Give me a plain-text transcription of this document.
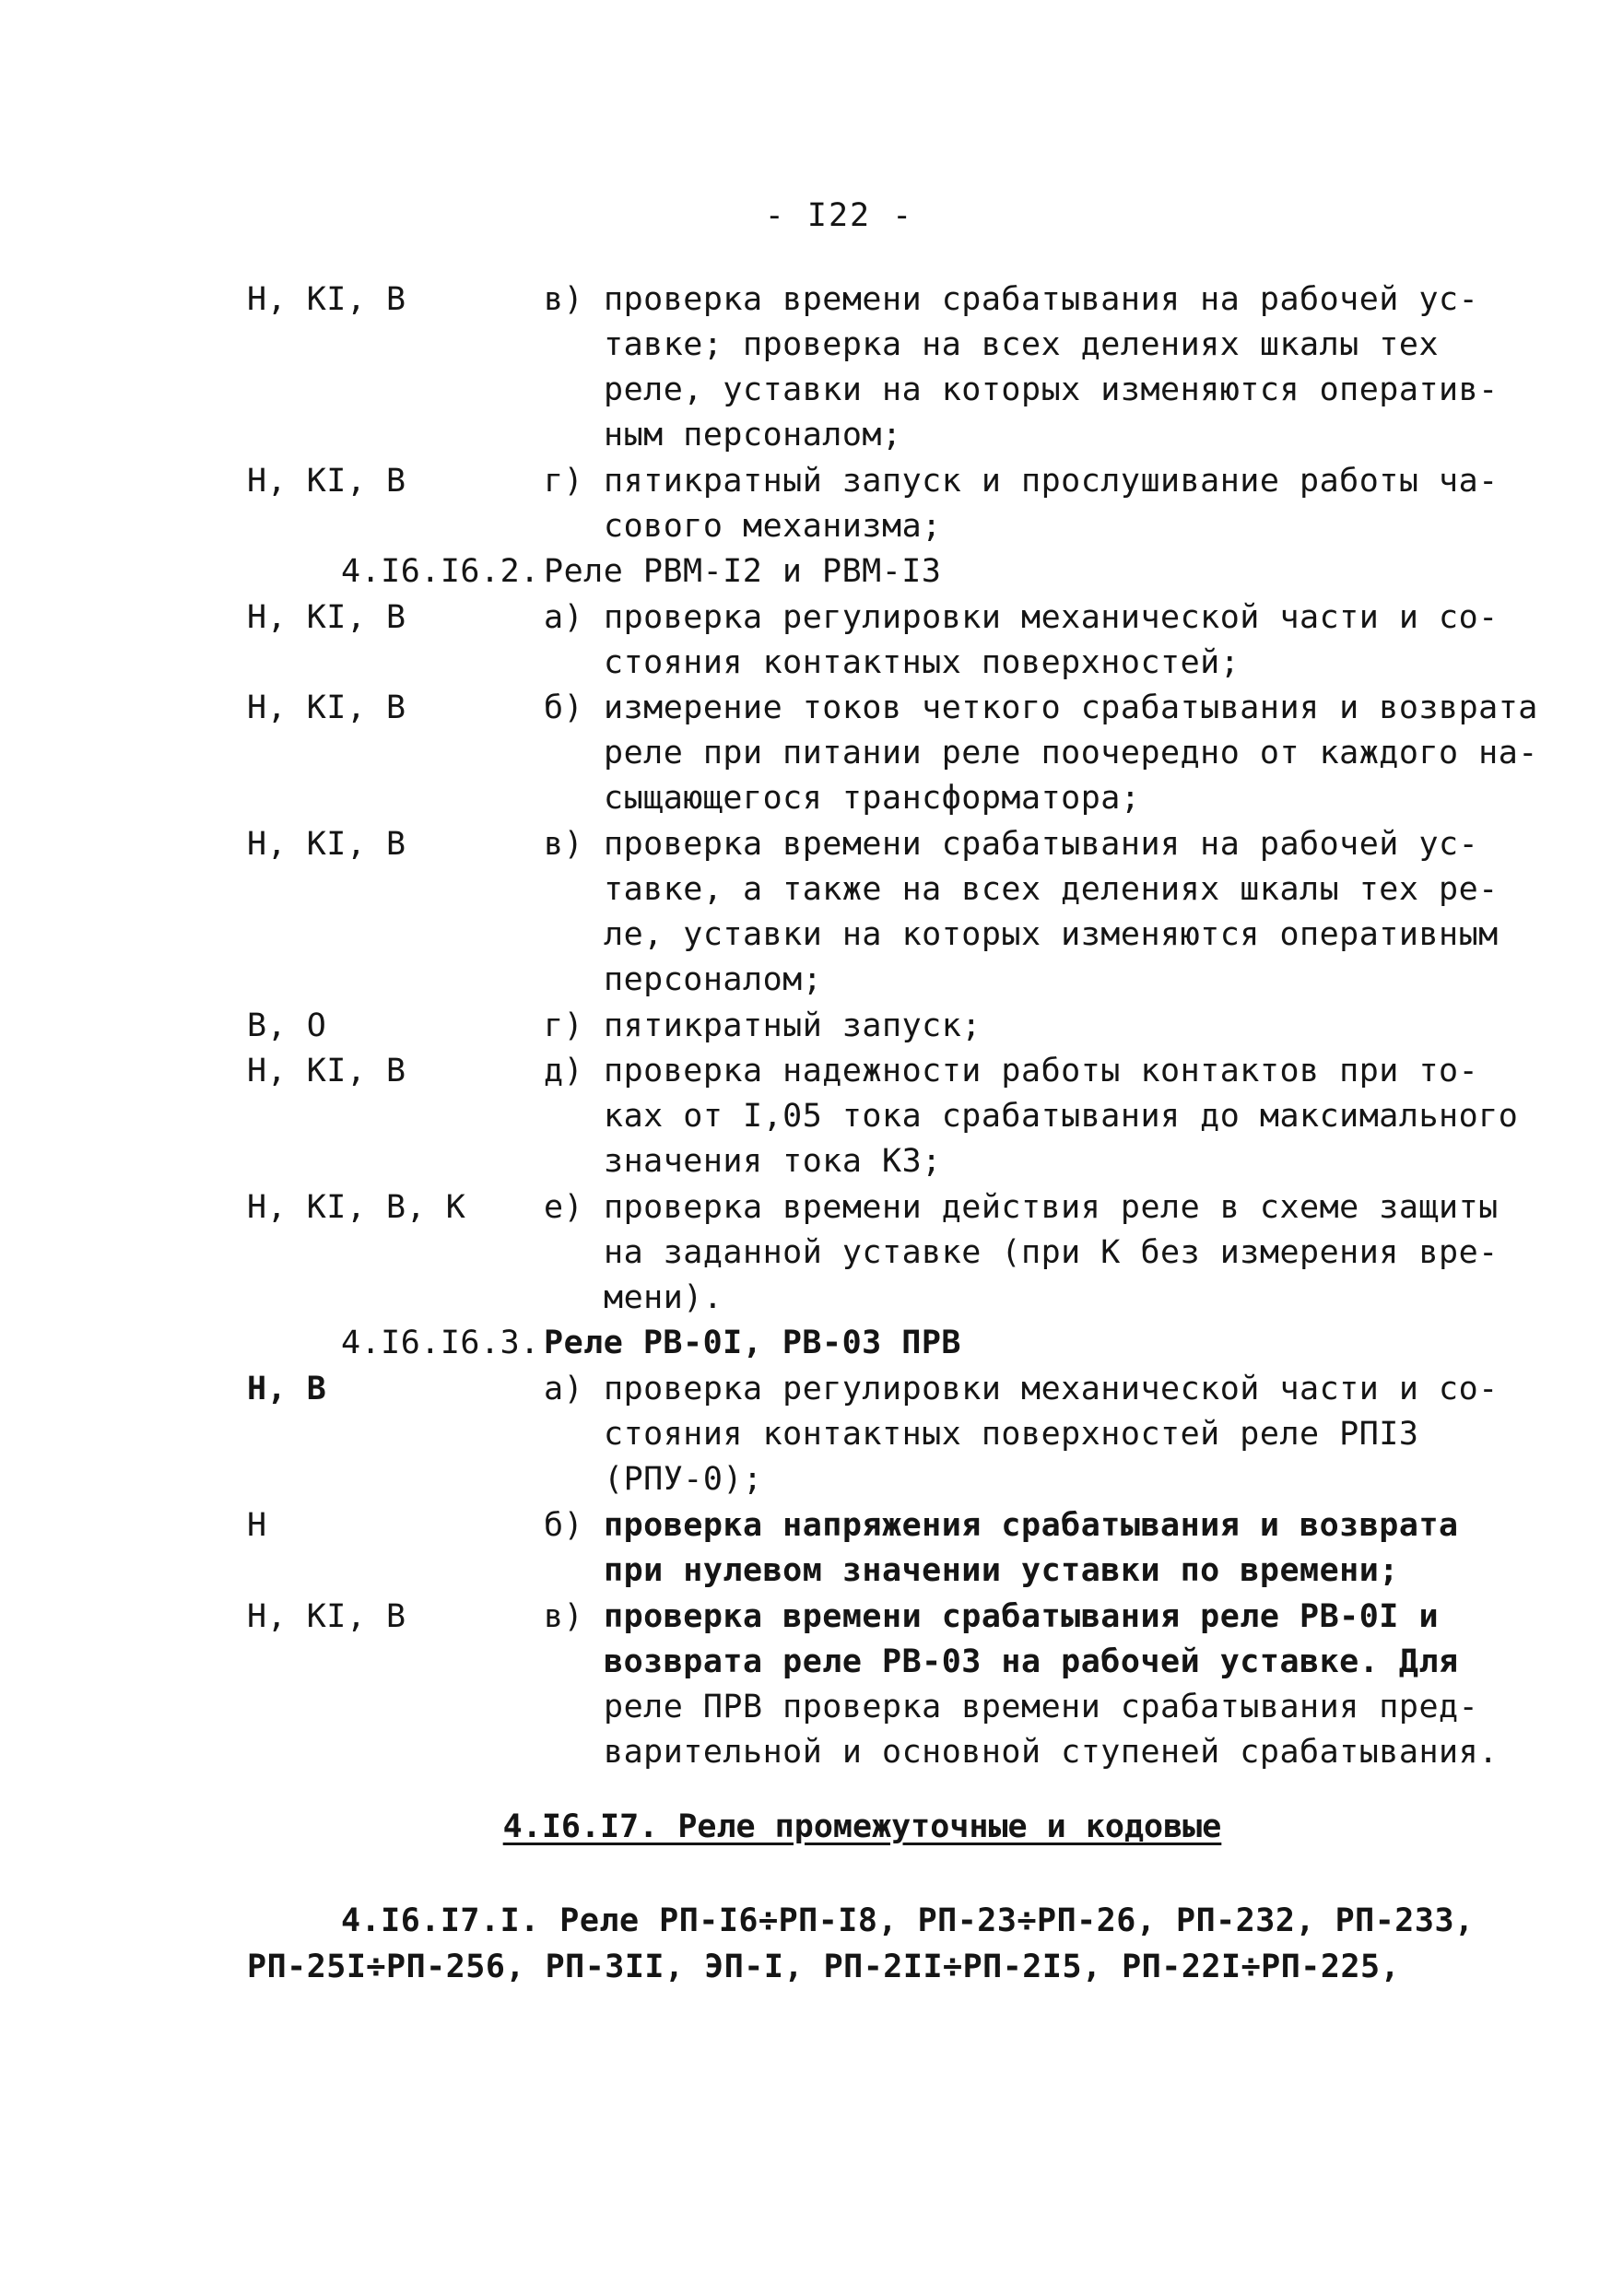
- I22 -
Н, КI, В	в) проверка времени срабатывания на рабочей ус-
тавке; проверка на всех делениях шкалы тех
реле, уставки на которых изменяются оператив-
ным персоналом;
Н, КI, В	г) пятикратный запуск и прослушивание работы ча-
сового механизма;
4.I6.I6.2. Реле РВМ-I2 и РВМ-I3
Н, КI, В	а) проверка регулировки механической части и со-
стояния контактных поверхностей;
Н, КI, В	б) измерение токов четкого срабатывания и возврата
реле при питании реле поочередно от каждого на-
сыщающегося трансформатора;
Н, КI, В	в) проверка времени срабатывания на рабочей ус-
тавке, а также на всех делениях шкалы тех ре-
ле, уставки на которых изменяются оперативным
персоналом;
В, О	г) пятикратный запуск;
Н, КI, В	д) проверка надежности работы контактов при то-
ках от I,05 тока срабатывания до максимального
значения тока КЗ;
Н, КI, В, К е) проверка времени действия реле в схеме защиты
на заданной уставке (при К без измерения вре-
мени).
4.I6.I6.3. Реле РВ-0I, РВ-03 ПРВ
Н, В	а) проверка регулировки механической части и со-
стояния контактных поверхностей реле РПI3
(РПУ-0);
Н	б) проверка напряжения срабатывания и возврата
при нулевом значении уставки по времени;
Н, КI, В	в) проверка времени срабатывания реле РВ-0I и
возврата реле РВ-03 на рабочей уставке. Для
реле ПРВ проверка времени срабатывания пред-
варительной и основной ступеней срабатывания.
4.I6.I7. Реле промежуточные и кодовые
4.I6.I7.I. Реле РП-I6÷РП-I8, РП-23÷РП-26, РП-232, РП-233,
РП-25I÷РП-256, РП-3II, ЭП-I, РП-2II÷РП-2I5, РП-22I÷РП-225,
